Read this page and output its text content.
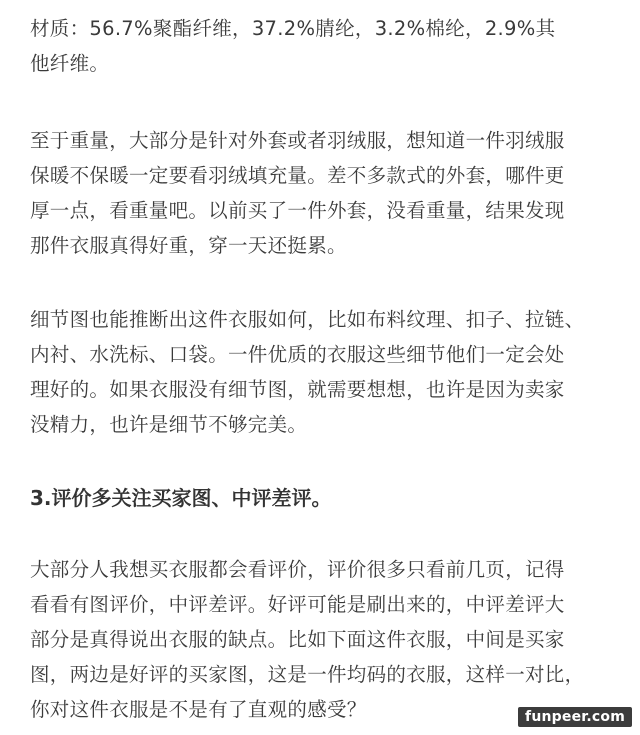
材质：56.7%聚酯纤维，37.2%腈纶，3.2%棉纶，2.9%其
他纤维。

至于重量，大部分是针对外套或者羽绒服，想知道一件羽绒服
保暖不保暖一定要看羽绒填充量。差不多款式的外套，哪件更
厚一点，看重量吧。以前买了一件外套，没看重量，结果发现
那件衣服真得好重，穿一天还挺累。

细节图也能推断出这件衣服如何，比如布料纹理、扣子、拉链、
内衬、水洗标、口袋。一件优质的衣服这些细节他们一定会处
理好的。如果衣服没有细节图，就需要想想，也许是因为卖家
没精力，也许是细节不够完美。

3.评价多关注买家图、中评差评。

大部分人我想买衣服都会看评价，评价很多只看前几页，记得
看看有图评价，中评差评。好评可能是刷出来的，中评差评大
部分是真得说出衣服的缺点。比如下面这件衣服，中间是买家
图，两边是好评的买家图，这是一件均码的衣服，这样一对比，
你对这件衣服是不是有了直观的感受？	funpeer.com
